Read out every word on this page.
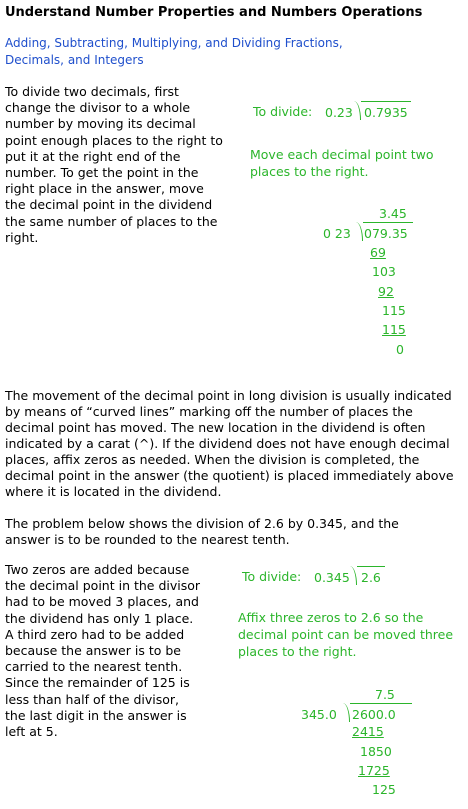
Understand Number Properties and Numbers Operations
Adding, Subtracting, Multiplying, and Dividing Fractions,
Decimals, and Integers
To divide two decimals, first
change the divisor to a whole
number by moving its decimal
point enough places to the right to
put it at the right end of the
number. To get the point in the
right place in the answer, move
the decimal point in the dividend
the same number of places to the
right.
To divide: 0.23 0.7935
Move each decimal point two
places to the right.
3.45
0 23 079.35
69
103
92
115
115
0
The movement of the decimal point in long division is usually indicated by means of “curved lines” marking off the number of places the decimal point has moved. The new location in the dividend is often indicated by a carat (^). If the dividend does not have enough decimal places, affix zeros as needed. When the division is completed, the decimal point in the answer (the quotient) is placed immediately above where it is located in the dividend.
The problem below shows the division of 2.6 by 0.345, and the answer is to be rounded to the nearest tenth.
Two zeros are added because
the decimal point in the divisor
had to be moved 3 places, and
the dividend has only 1 place.
A third zero had to be added
because the answer is to be
carried to the nearest tenth.
Since the remainder of 125 is
less than half of the divisor,
the last digit in the answer is
left at 5.
To divide: 0.345 2.6
Affix three zeros to 2.6 so the
decimal point can be moved three
places to the right.
7.5
345.0 2600.0
2415
1850
1725
125
